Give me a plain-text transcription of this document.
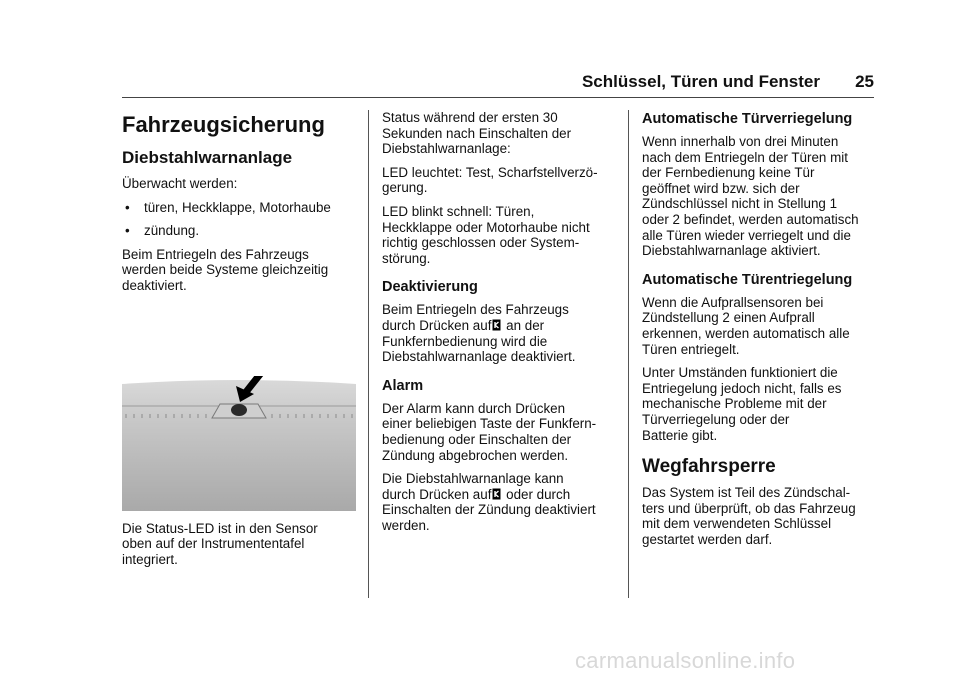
Schlüssel, Türen und Fenster 25
Fahrzeugsicherung
Diebstahlwarnanlage

Überwacht werden:

• türen, Heckklappe, Motorhaube
• zündung.

Beim Entriegeln des Fahrzeugs
werden beide Systeme gleichzeitig
deaktiviert.

Die Status-LED ist in den Sensor
oben auf der Instrumententafel
integriert.

Status während der ersten 30
Sekunden nach Einschalten der
Diebstahlwarnanlage:

LED leuchtet: Test, Scharfstellverzö-
gerung.

LED blinkt schnell: Türen,
Heckklappe oder Motorhaube nicht
richtig geschlossen oder System-
störung.

Deaktivierung

Beim Entriegeln des Fahrzeugs
durch Drücken auf an der
Funkfernbedienung wird die
Diebstahlwarnanlage deaktiviert.

Alarm

Der Alarm kann durch Drücken
einer beliebigen Taste der Funkfern-
bedienung oder Einschalten der
Zündung abgebrochen werden.

Die Diebstahlwarnanlage kann
durch Drücken auf oder durch
Einschalten der Zündung deaktiviert
werden.

Automatische Türverriegelung

Wenn innerhalb von drei Minuten
nach dem Entriegeln der Türen mit
der Fernbedienung keine Tür
geöffnet wird bzw. sich der
Zündschlüssel nicht in Stellung 1
oder 2 befindet, werden automatisch
alle Türen wieder verriegelt und die
Diebstahlwarnanlage aktiviert.

Automatische Türentriegelung

Wenn die Aufprallsensoren bei
Zündstellung 2 einen Aufprall
erkennen, werden automatisch alle
Türen entriegelt.

Unter Umständen funktioniert die
Entriegelung jedoch nicht, falls es
mechanische Probleme mit der
Türverriegelung oder der
Batterie gibt.

Wegfahrsperre

Das System ist Teil des Zündschal-
ters und überprüft, ob das Fahrzeug
mit dem verwendeten Schlüssel
gestartet werden darf.

carmanualsonline.info
